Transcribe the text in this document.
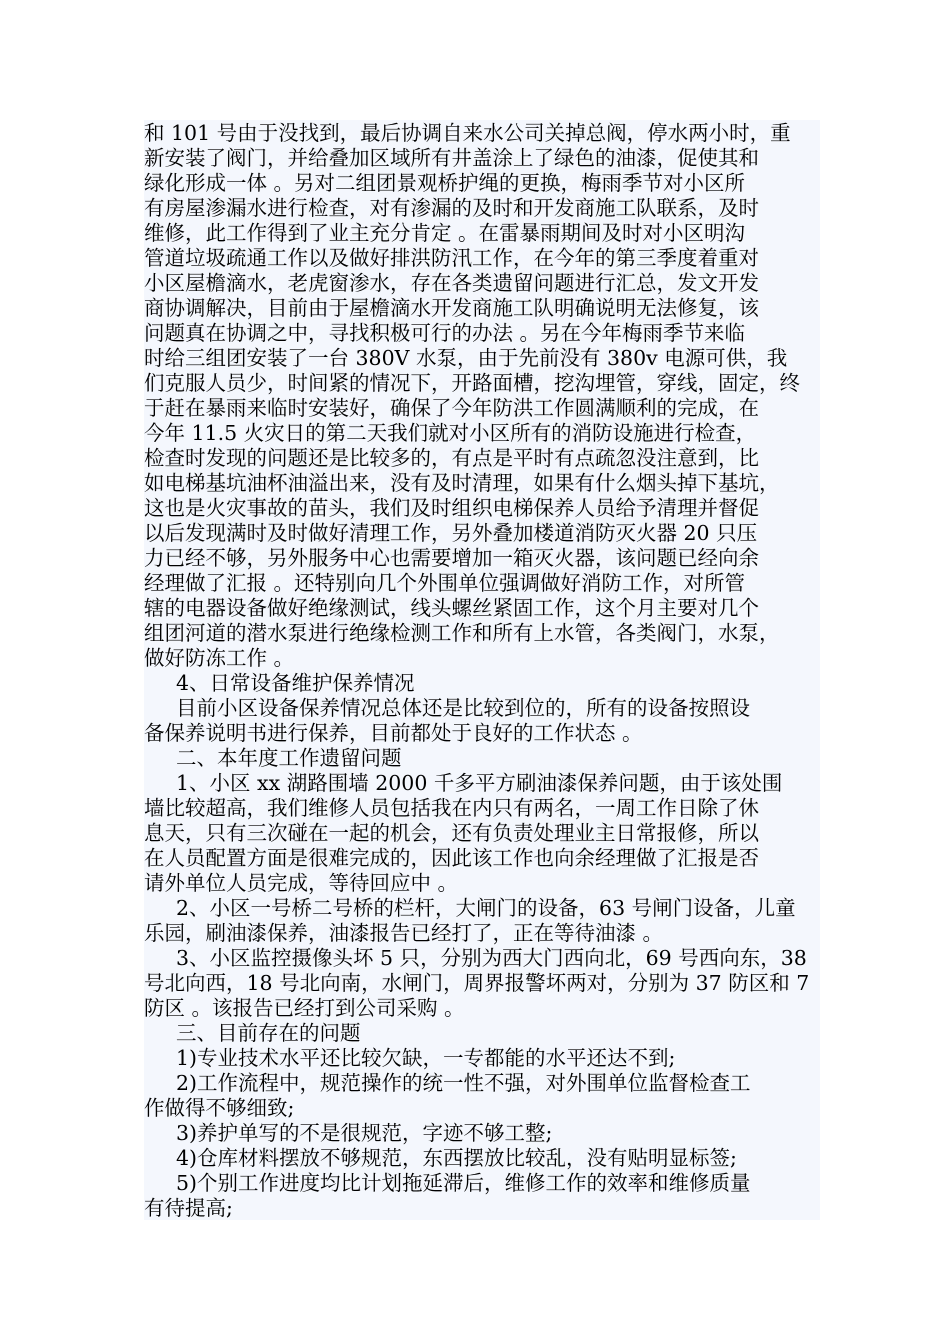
和 101 号由于没找到，最后协调自来水公司关掉总阀，停水两小时，重
新安装了阀门，并给叠加区域所有井盖涂上了绿色的油漆，促使其和
绿化形成一体 。另对二组团景观桥护绳的更换，梅雨季节对小区所
有房屋渗漏水进行检查，对有渗漏的及时和开发商施工队联系，及时
维修，此工作得到了业主充分肯定 。在雷暴雨期间及时对小区明沟
管道垃圾疏通工作以及做好排洪防汛工作，在今年的第三季度着重对
小区屋檐滴水，老虎窗渗水，存在各类遗留问题进行汇总，发文开发
商协调解决，目前由于屋檐滴水开发商施工队明确说明无法修复，该
问题真在协调之中，寻找积极可行的办法 。另在今年梅雨季节来临
时给三组团安装了一台 380V 水泵，由于先前没有 380v 电源可供，我
们克服人员少，时间紧的情况下，开路面槽，挖沟埋管，穿线，固定，终
于赶在暴雨来临时安装好，确保了今年防洪工作圆满顺利的完成，在
今年 11.5 火灾日的第二天我们就对小区所有的消防设施进行检查，
检查时发现的问题还是比较多的，有点是平时有点疏忽没注意到，比
如电梯基坑油杯油溢出来，没有及时清理，如果有什么烟头掉下基坑，
这也是火灾事故的苗头，我们及时组织电梯保养人员给予清理并督促
以后发现满时及时做好清理工作，另外叠加楼道消防灭火器 20 只压
力已经不够，另外服务中心也需要增加一箱灭火器，该问题已经向余
经理做了汇报 。还特别向几个外围单位强调做好消防工作，对所管
辖的电器设备做好绝缘测试，线头螺丝紧固工作，这个月主要对几个
组团河道的潜水泵进行绝缘检测工作和所有上水管，各类阀门，水泵，
做好防冻工作 。
4、日常设备维护保养情况
目前小区设备保养情况总体还是比较到位的，所有的设备按照设
备保养说明书进行保养，目前都处于良好的工作状态 。
二、本年度工作遗留问题
1、小区 xx 湖路围墙 2000 千多平方刷油漆保养问题，由于该处围
墙比较超高，我们维修人员包括我在内只有两名，一周工作日除了休
息天，只有三次碰在一起的机会，还有负责处理业主日常报修，所以
在人员配置方面是很难完成的，因此该工作也向余经理做了汇报是否
请外单位人员完成，等待回应中 。
2、小区一号桥二号桥的栏杆，大闸门的设备，63 号闸门设备，儿童
乐园，刷油漆保养，油漆报告已经打了，正在等待油漆 。
3、小区监控摄像头坏 5 只，分别为西大门西向北，69 号西向东，38
号北向西，18 号北向南，水闸门，周界报警坏两对，分别为 37 防区和 7
防区 。该报告已经打到公司采购 。
三、目前存在的问题
1)专业技术水平还比较欠缺，一专都能的水平还达不到;
2)工作流程中，规范操作的统一性不强，对外围单位监督检查工
作做得不够细致;
3)养护单写的不是很规范，字迹不够工整;
4)仓库材料摆放不够规范，东西摆放比较乱，没有贴明显标签;
5)个别工作进度均比计划拖延滞后，维修工作的效率和维修质量
有待提高;
